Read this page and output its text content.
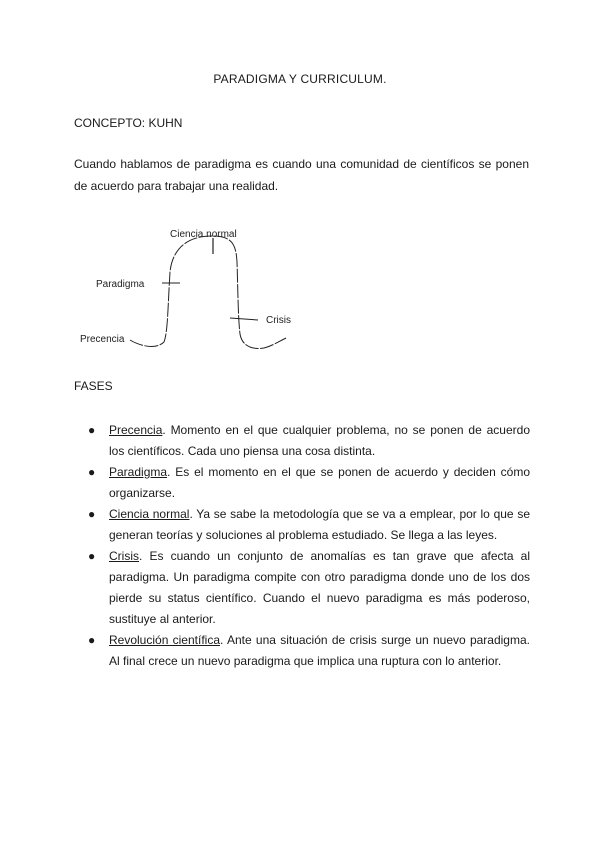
PARADIGMA Y CURRICULUM.
CONCEPTO: KUHN
Cuando hablamos de paradigma es cuando una comunidad de científicos se ponen de acuerdo para trabajar una realidad.
Ciencia normal
Paradigma
Crisis
Precencia
FASES
● Precencia. Momento en el que cualquier problema, no se ponen de acuerdo los científicos. Cada uno piensa una cosa distinta.
● Paradigma. Es el momento en el que se ponen de acuerdo y deciden cómo organizarse.
● Ciencia normal. Ya se sabe la metodología que se va a emplear, por lo que se generan teorías y soluciones al problema estudiado. Se llega a las leyes.
● Crisis. Es cuando un conjunto de anomalías es tan grave que afecta al paradigma. Un paradigma compite con otro paradigma donde uno de los dos pierde su status científico. Cuando el nuevo paradigma es más poderoso, sustituye al anterior.
● Revolución científica. Ante una situación de crisis surge un nuevo paradigma. Al final crece un nuevo paradigma que implica una ruptura con lo anterior.
